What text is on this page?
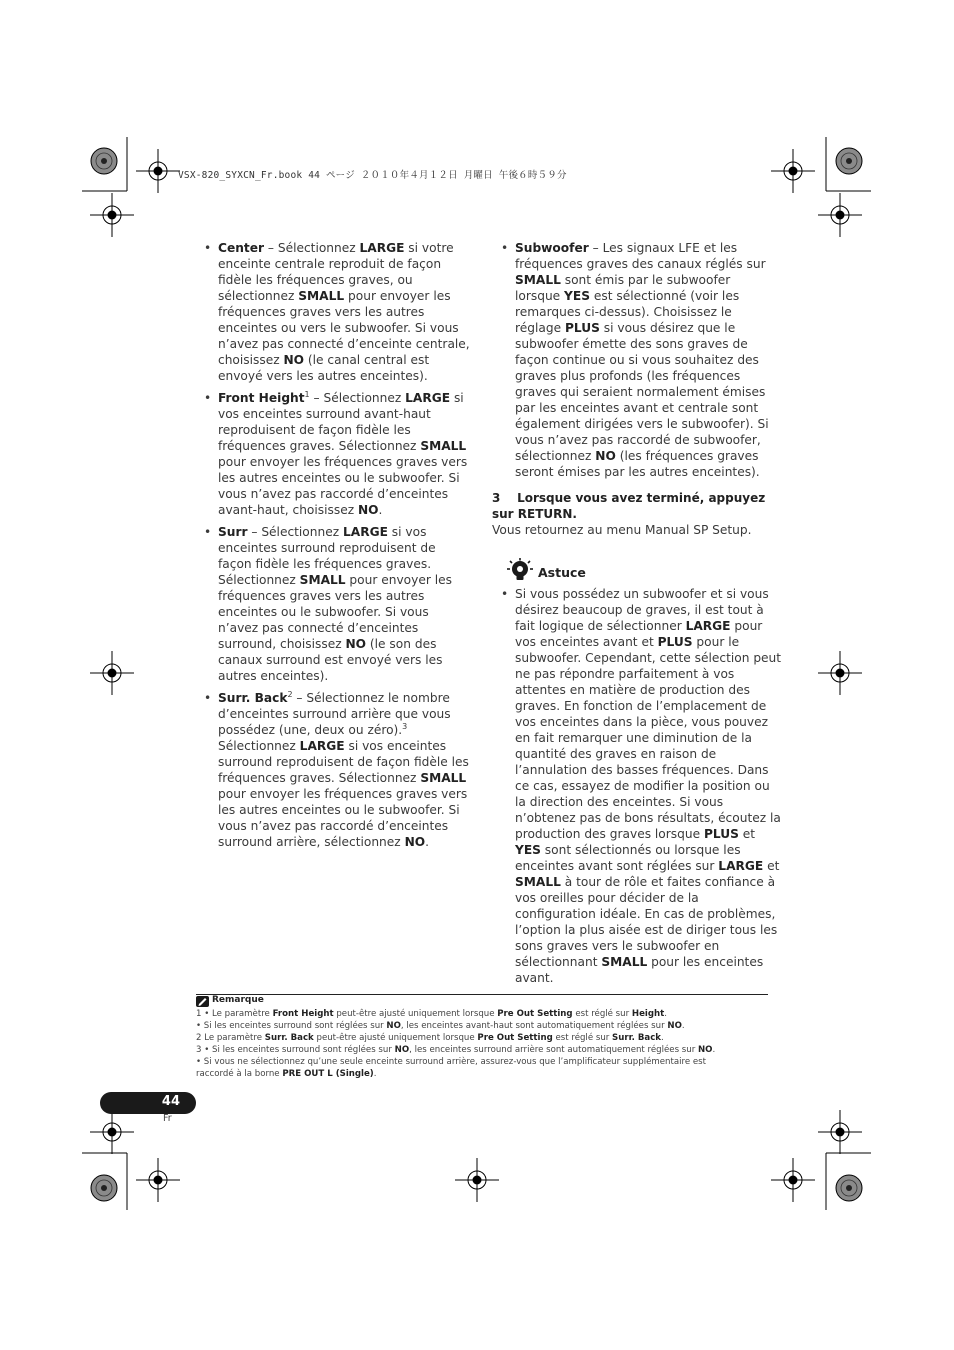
VSX-820_SYXCN_Fr.book 44 ページ ２０１０年４月１２日 月曜日 午後６時５９分
• Center – Sélectionnez LARGE si votre enceinte centrale reproduit de façon fidèle les fréquences graves, ou sélectionnez SMALL pour envoyer les fréquences graves vers les autres enceintes ou vers le subwoofer. Si vous n’avez pas connecté d’enceinte centrale, choisissez NO (le canal central est envoyé vers les autres enceintes).

• Front Height$^1$ – Sélectionnez LARGE si vos enceintes surround avant-haut reproduisent de façon fidèle les fréquences graves. Sélectionnez SMALL pour envoyer les fréquences graves vers les autres enceintes ou le subwoofer. Si vous n’avez pas raccordé d’enceintes avant-haut, choisissez NO.

• Surr – Sélectionnez LARGE si vos enceintes surround reproduisent de façon fidèle les fréquences graves. Sélectionnez SMALL pour envoyer les fréquences graves vers les autres enceintes ou le subwoofer. Si vous n’avez pas connecté d’enceintes surround, choisissez NO (le son des canaux surround est envoyé vers les autres enceintes).

• Surr. Back$^2$ – Sélectionnez le nombre d’enceintes surround arrière que vous possédez (une, deux ou zéro).$^3$ Sélectionnez LARGE si vos enceintes surround reproduisent de façon fidèle les fréquences graves. Sélectionnez SMALL pour envoyer les fréquences graves vers les autres enceintes ou le subwoofer. Si vous n’avez pas raccordé d’enceintes surround arrière, sélectionnez NO.

• Subwoofer – Les signaux LFE et les fréquences graves des canaux réglés sur SMALL sont émis par le subwoofer lorsque YES est sélectionné (voir les remarques ci-dessus). Choisissez le réglage PLUS si vous désirez que le subwoofer émette des sons graves de façon continue ou si vous souhaitez des graves plus profonds (les fréquences graves qui seraient normalement émises par les enceintes avant et centrale sont également dirigées vers le subwoofer). Si vous n’avez pas raccordé de subwoofer, sélectionnez NO (les fréquences graves seront émises par les autres enceintes).

3 Lorsque vous avez terminé, appuyez sur RETURN.
Vous retournez au menu Manual SP Setup.
Astuce
• Si vous possédez un subwoofer et si vous désirez beaucoup de graves, il est tout à fait logique de sélectionner LARGE pour vos enceintes avant et PLUS pour le subwoofer. Cependant, cette sélection peut ne pas répondre parfaitement à vos attentes en matière de production des graves. En fonction de l’emplacement de vos enceintes dans la pièce, vous pouvez en fait remarquer une diminution de la quantité des graves en raison de l’annulation des basses fréquences. Dans ce cas, essayez de modifier la position ou la direction des enceintes. Si vous n’obtenez pas de bons résultats, écoutez la production des graves lorsque PLUS et YES sont sélectionnés ou lorsque les enceintes avant sont réglées sur LARGE et SMALL à tour de rôle et faites confiance à vos oreilles pour décider de la configuration idéale. En cas de problèmes, l’option la plus aisée est de diriger tous les sons graves vers le subwoofer en sélectionnant SMALL pour les enceintes avant.

Remarque
1 • Le paramètre Front Height peut-être ajusté uniquement lorsque Pre Out Setting est réglé sur Height.
• Si les enceintes surround sont réglées sur NO, les enceintes avant-haut sont automatiquement réglées sur NO.
2 Le paramètre Surr. Back peut-être ajusté uniquement lorsque Pre Out Setting est réglé sur Surr. Back.
3 • Si les enceintes surround sont réglées sur NO, les enceintes surround arrière sont automatiquement réglées sur NO.
• Si vous ne sélectionnez qu’une seule enceinte surround arrière, assurez-vous que l’amplificateur supplémentaire est
raccordé à la borne PRE OUT L (Single).
44
Fr
